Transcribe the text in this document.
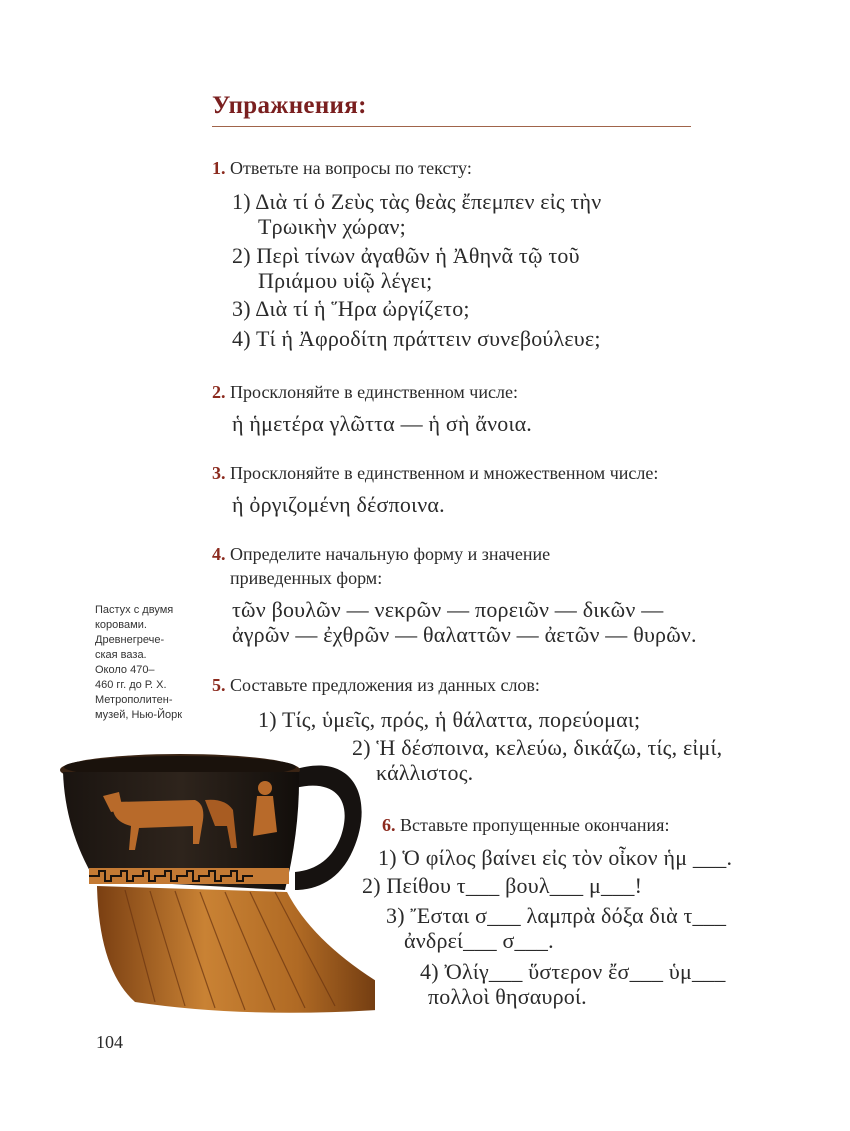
Упражнения:
1. Ответьте на вопросы по тексту:
1) Διὰ τί ὁ Ζεὺς τὰς θεὰς ἔπεμπεν εἰς τὴν
Τρωικὴν χώραν;
2) Περὶ τίνων ἀγαθῶν ἡ Ἀθηνᾶ τῷ τοῦ
Πριάμου υἱῷ λέγει;
3) Διὰ τί ἡ Ἥρα ὠργίζετο;
4) Τί ἡ Ἀφροδίτη πράττειν συνεβούλευε;
2. Просклоняйте в единственном числе:
ἡ ἡμετέρα γλῶττα — ἡ σὴ ἄνοια.
3. Просклоняйте в единственном и множественном числе:
ἡ ὀργιζομένη δέσποινα.
4. Определите начальную форму и значение
приведенных форм:
τῶν βουλῶν — νεκρῶν — πορειῶν — δικῶν —
ἀγρῶν — ἐχθρῶν — θαλαττῶν — ἀετῶν — θυρῶν.
Пастух с двумя
коровами.
Древнегрече-
ская ваза.
Около 470–
460 гг. до Р. Х.
Метрополитен-
музей, Нью-Йорк
5. Составьте предложения из данных слов:
1) Τίς, ὑμεῖς, πρός, ἡ θάλαττα, πορεύομαι;
2) Ἡ δέσποινα, κελεύω, δικάζω, τίς, εἰμί,
κάλλιστος.
6. Вставьте пропущенные окончания:
1) Ὁ φίλος βαίνει εἰς τὸν οἶκον ἡμ ___.
2) Πείθου τ___ βουλ___ μ___!
3) Ἔσται σ___ λαμπρὰ δόξα διὰ τ___
ἀνδρεί___ σ___.
4) Ὀλίγ___ ὕστερον ἔσ___ ὑμ___
πολλοὶ θησαυροί.
104
